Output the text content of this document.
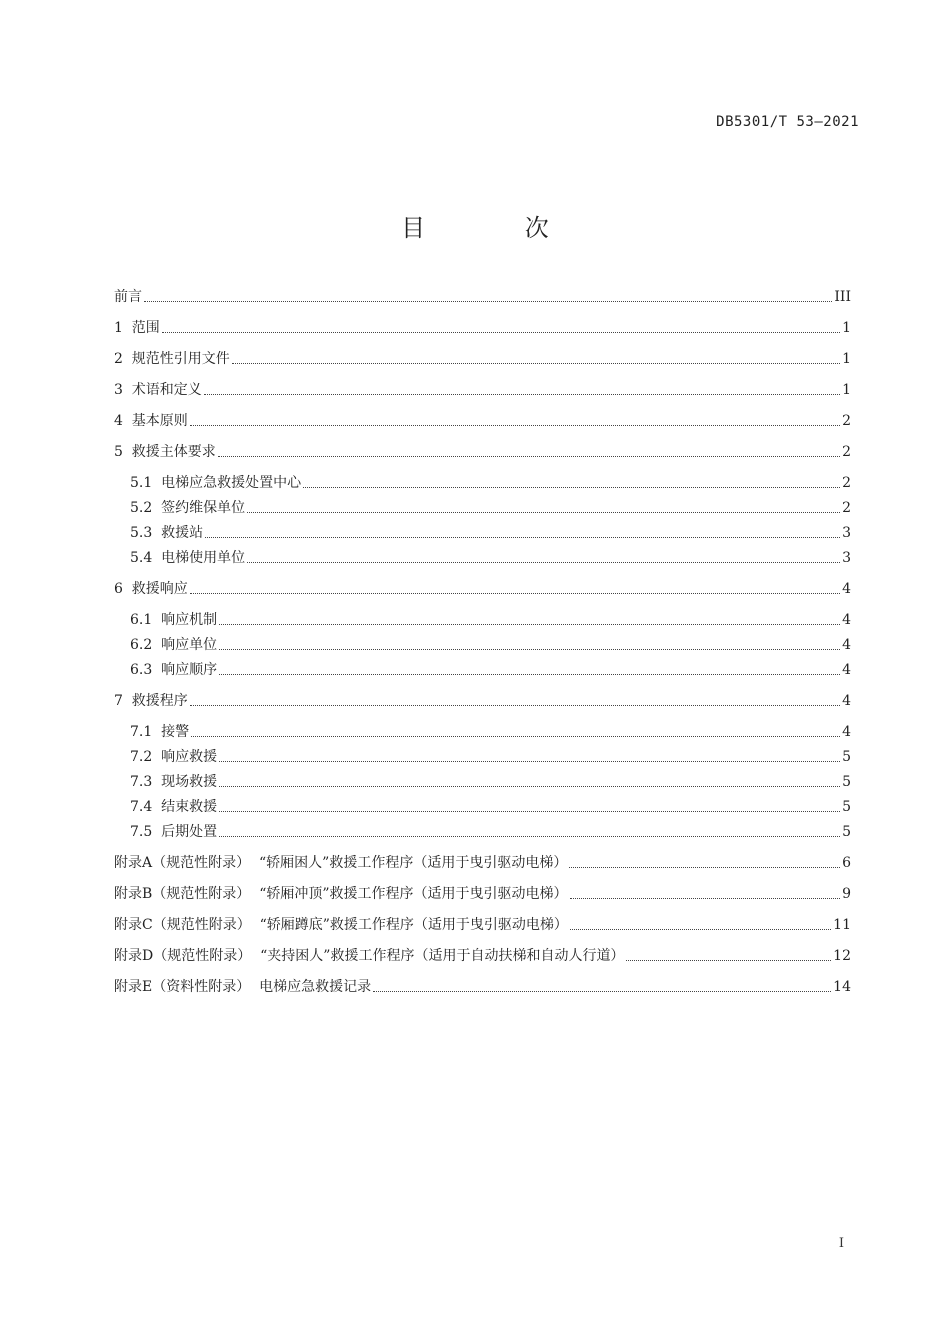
DB5301/T 53—2021
目 次
前言	III
1  范围	1
2  规范性引用文件	1
3  术语和定义	1
4  基本原则	2
5  救援主体要求	2
5.1  电梯应急救援处置中心	2
5.2  签约维保单位	2
5.3  救援站	3
5.4  电梯使用单位	3
6  救援响应	4
6.1  响应机制	4
6.2  响应单位	4
6.3  响应顺序	4
7  救援程序	4
7.1  接警	4
7.2  响应救援	5
7.3  现场救援	5
7.4  结束救援	5
7.5  后期处置	5
附录A（规范性附录）  “轿厢困人”救援工作程序（适用于曳引驱动电梯）	6
附录B（规范性附录）  “轿厢冲顶”救援工作程序（适用于曳引驱动电梯）	9
附录C（规范性附录）  “轿厢蹲底”救援工作程序（适用于曳引驱动电梯）	11
附录D（规范性附录）  “夹持困人”救援工作程序（适用于自动扶梯和自动人行道）	12
附录E（资料性附录）  电梯应急救援记录	14
I
